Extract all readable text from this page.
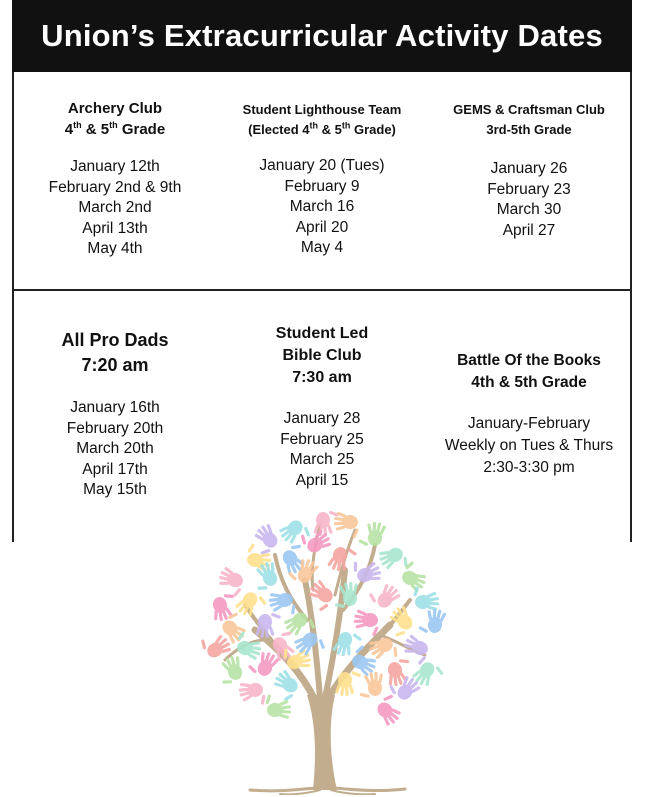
Union’s Extracurricular Activity Dates
Archery Club
4th & 5th Grade
January 12th
February 2nd & 9th
March 2nd
April 13th
May 4th
Student Lighthouse Team
(Elected 4th & 5th Grade)
January 20 (Tues)
February 9
March 16
April 20
May 4
GEMS & Craftsman Club
3rd-5th Grade
January 26
February 23
March 30
April 27
All Pro Dads
7:20 am
January 16th
February 20th
March 20th
April 17th
May 15th
Student Led
Bible Club
7:30 am
January 28
February 25
March 25
April 15
Battle Of the Books
4th & 5th Grade
January-February
Weekly on Tues & Thurs
2:30-3:30 pm
